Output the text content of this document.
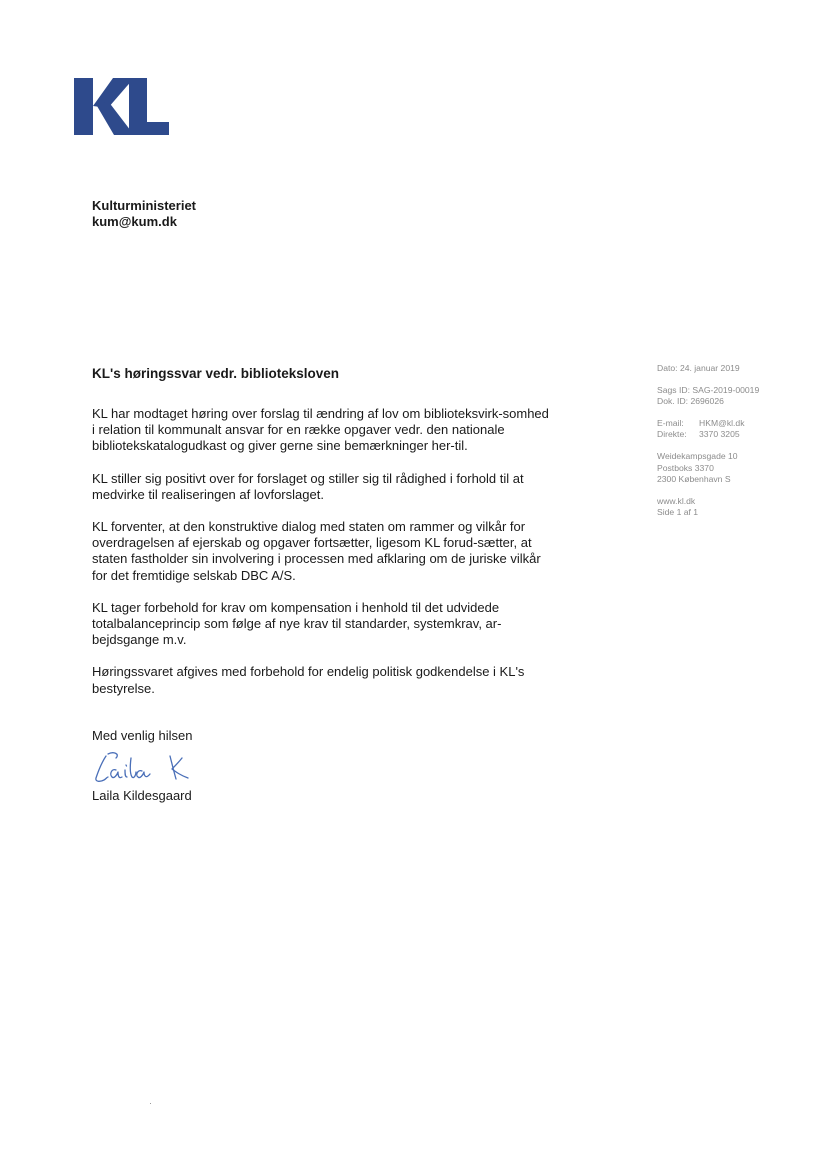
Kulturministeriet
kum@kum.dk
KL's høringssvar vedr. biblioteksloven

KL har modtaget høring over forslag til ændring af lov om biblioteksvirk-somhed i relation til kommunalt ansvar for en række opgaver vedr. den nationale bibliotekskatalogudkast og giver gerne sine bemærkninger her-til.

KL stiller sig positivt over for forslaget og stiller sig til rådighed i forhold til at medvirke til realiseringen af lovforslaget.

KL forventer, at den konstruktive dialog med staten om rammer og vilkår for overdragelsen af ejerskab og opgaver fortsætter, ligesom KL forud-sætter, at staten fastholder sin involvering i processen med afklaring om de juriske vilkår for det fremtidige selskab DBC A/S.

KL tager forbehold for krav om kompensation i henhold til det udvidede totalbalanceprincip som følge af nye krav til standarder, systemkrav, ar-bejdsgange m.v.

Høringssvaret afgives med forbehold for endelig politisk godkendelse i KL's bestyrelse.

Med venlig hilsen
Laila Kildesgaard
Dato: 24. januar 2019
Sags ID: SAG-2019-00019
Dok. ID: 2696026
E-mail: HKM@kl.dk
Direkte: 3370 3205
Weidekampsgade 10
Postboks 3370
2300 København S
www.kl.dk
Side 1 af 1
